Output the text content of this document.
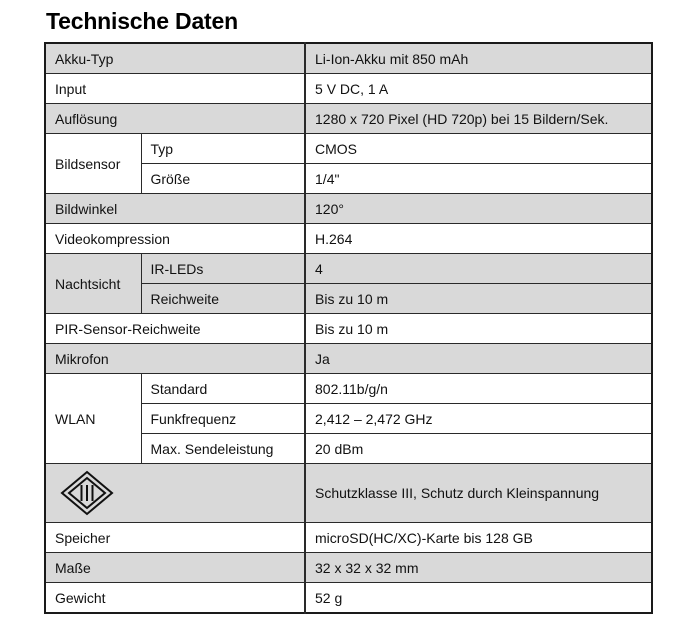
Technische Daten
Akku-Typ		Li-Ion-Akku mit 850 mAh
Input		5 V DC, 1 A
Auflösung		1280 x 720 Pixel (HD 720p) bei 15 Bildern/Sek.
Bildsensor	Typ	CMOS
	Größe	1/4"
Bildwinkel		120°
Videokompression		H.264
Nachtsicht	IR-LEDs	4
	Reichweite	Bis zu 10 m
PIR-Sensor-Reichweite		Bis zu 10 m
Mikrofon		Ja
WLAN	Standard	802.11b/g/n
	Funkfrequenz	2,412 – 2,472 GHz
	Max. Sendeleistung	20 dBm

	Schutzklasse III, Schutz durch Kleinspannung
Speicher		microSD(HC/XC)-Karte bis 128 GB
Maße		32 x 32 x 32 mm
Gewicht		52 g
